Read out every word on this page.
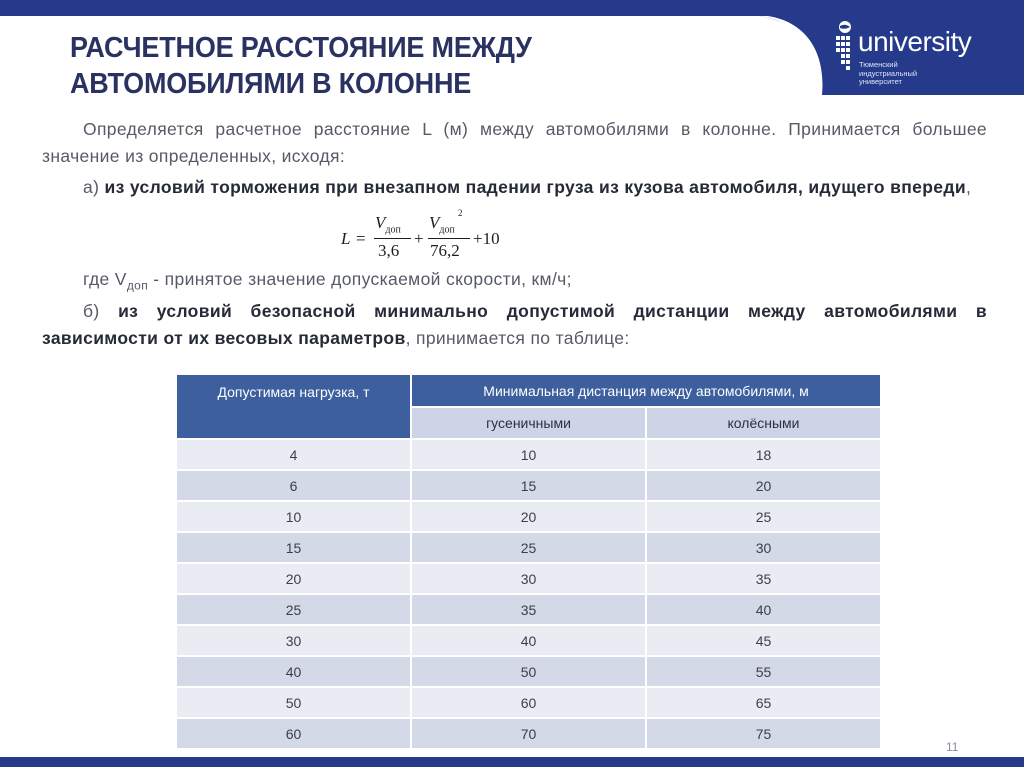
university
Тюменский
индустриальный
университет
РАСЧЕТНОЕ РАССТОЯНИЕ МЕЖДУ
АВТОМОБИЛЯМИ В КОЛОННЕ

Определяется расчетное расстояние L (м) между автомобилями в колонне. Принимается большее значение из определенных, исходя:

а) из условий торможения при внезапном падении груза из кузова автомобиля, идущего впереди,

L =
$V_{доп}$
3,6
+
$V_{доп}$
2
76,2
+10

где $V_{доп}$ - принятое значение допускаемой скорости, км/ч;

б) из условий безопасной минимально допустимой дистанции между автомобилями в зависимости от их весовых параметров, принимается по таблице:

Допустимая нагрузка, т	Минимальная дистанция между автомобилями, м	
	гусеничными	колёсными
4	10	18
6	15	20
10	20	25
15	25	30
20	30	35
25	35	40
30	40	45
40	50	55
50	60	65
60	70	75
11
